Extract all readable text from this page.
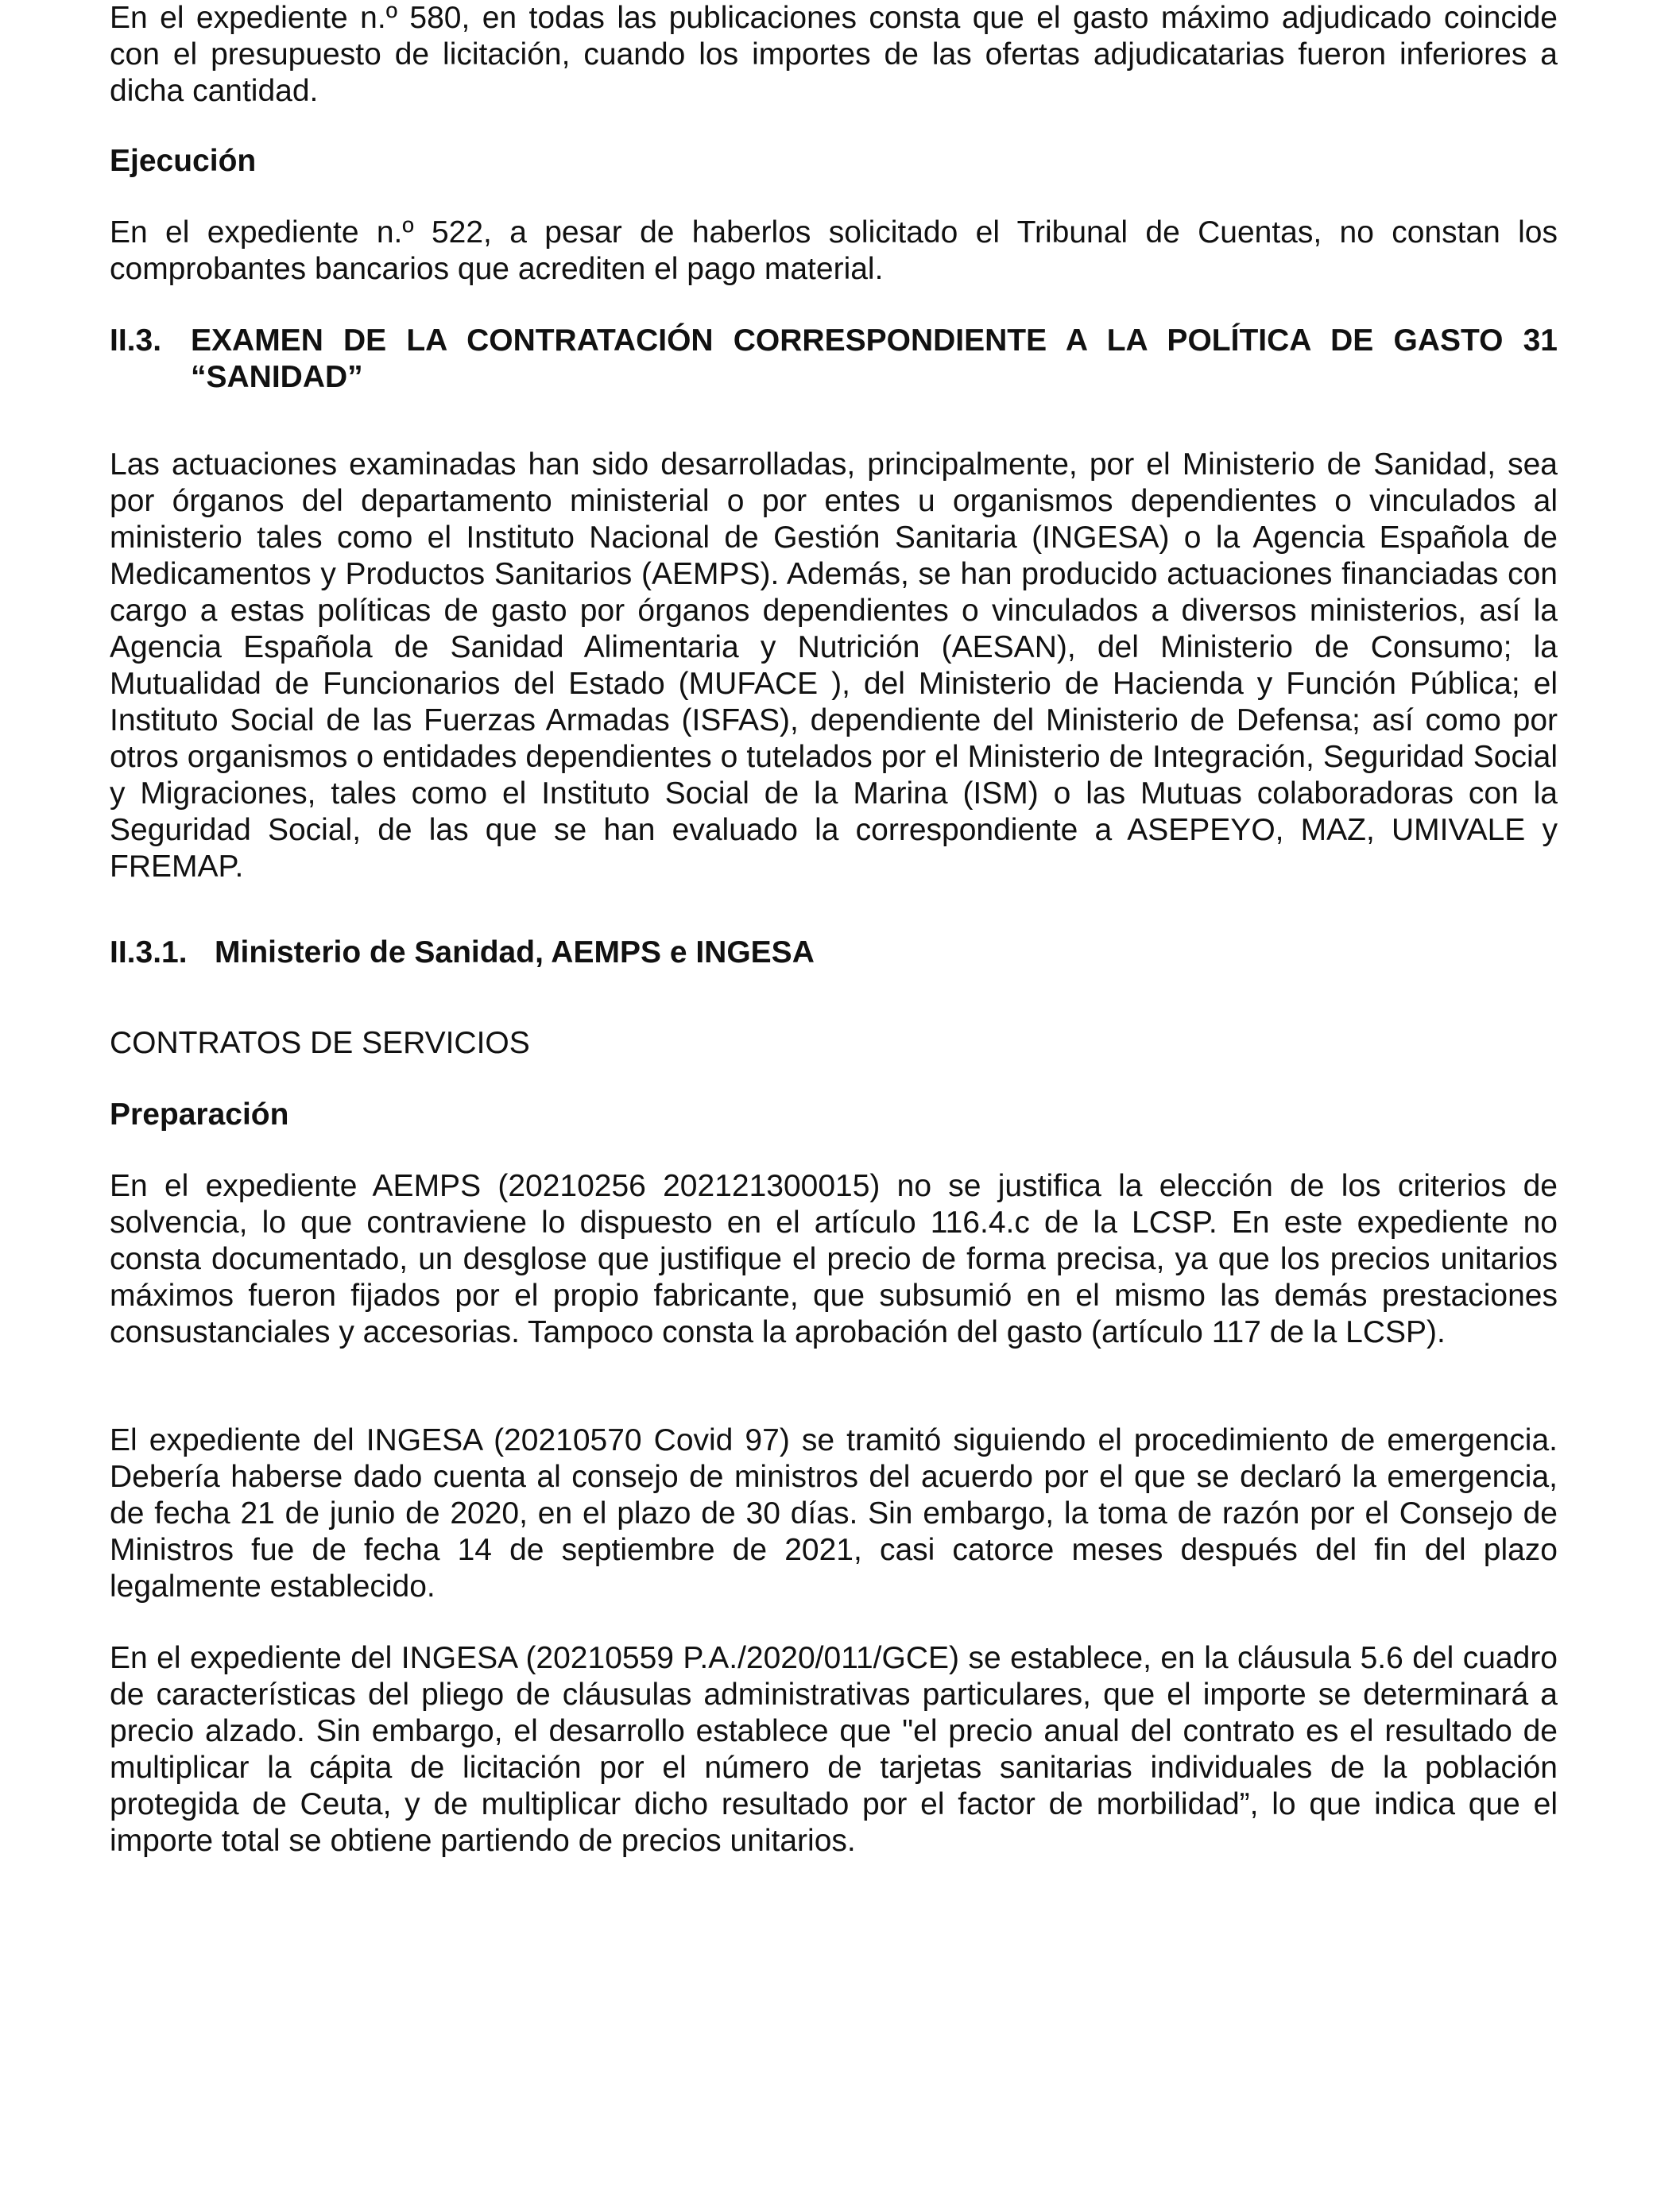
En el expediente n.º 580, en todas las publicaciones consta que el gasto máximo adjudicado coincide con el presupuesto de licitación, cuando los importes de las ofertas adjudicatarias fueron inferiores a dicha cantidad.

Ejecución

En el expediente n.º 522, a pesar de haberlos solicitado el Tribunal de Cuentas, no constan los comprobantes bancarios que acrediten el pago material.

II.3. EXAMEN DE LA CONTRATACIÓN CORRESPONDIENTE A LA POLÍTICA DE GASTO 31 “SANIDAD”

Las actuaciones examinadas han sido desarrolladas, principalmente, por el Ministerio de Sanidad, sea por órganos del departamento ministerial o por entes u organismos dependientes o vinculados al ministerio tales como el Instituto Nacional de Gestión Sanitaria (INGESA) o la Agencia Española de Medicamentos y Productos Sanitarios (AEMPS). Además, se han producido actuaciones financiadas con cargo a estas políticas de gasto por órganos dependientes o vinculados a diversos ministerios, así la Agencia Española de Sanidad Alimentaria y Nutrición (AESAN), del Ministerio de Consumo; la Mutualidad de Funcionarios del Estado (MUFACE ), del Ministerio de Hacienda y Función Pública; el Instituto Social de las Fuerzas Armadas (ISFAS), dependiente del Ministerio de Defensa; así como por otros organismos o entidades dependientes o tutelados por el Ministerio de Integración, Seguridad Social y Migraciones, tales como el Instituto Social de la Marina (ISM) o las Mutuas colaboradoras con la Seguridad Social, de las que se han evaluado la correspondiente a ASEPEYO, MAZ, UMIVALE y FREMAP.

II.3.1. Ministerio de Sanidad, AEMPS e INGESA

CONTRATOS DE SERVICIOS

Preparación

En el expediente AEMPS (20210256 202121300015) no se justifica la elección de los criterios de solvencia, lo que contraviene lo dispuesto en el artículo 116.4.c de la LCSP. En este expediente no consta documentado, un desglose que justifique el precio de forma precisa, ya que los precios unitarios máximos fueron fijados por el propio fabricante, que subsumió en el mismo las demás prestaciones consustanciales y accesorias. Tampoco consta la aprobación del gasto (artículo 117 de la LCSP).

El expediente del INGESA (20210570 Covid 97) se tramitó siguiendo el procedimiento de emergencia. Debería haberse dado cuenta al consejo de ministros del acuerdo por el que se declaró la emergencia, de fecha 21 de junio de 2020, en el plazo de 30 días. Sin embargo, la toma de razón por el Consejo de Ministros fue de fecha 14 de septiembre de 2021, casi catorce meses después del fin del plazo legalmente establecido.

En el expediente del INGESA (20210559 P.A./2020/011/GCE) se establece, en la cláusula 5.6 del cuadro de características del pliego de cláusulas administrativas particulares, que el importe se determinará a precio alzado. Sin embargo, el desarrollo establece que "el precio anual del contrato es el resultado de multiplicar la cápita de licitación por el número de tarjetas sanitarias individuales de la población protegida de Ceuta, y de multiplicar dicho resultado por el factor de morbilidad”, lo que indica que el importe total se obtiene partiendo de precios unitarios.
